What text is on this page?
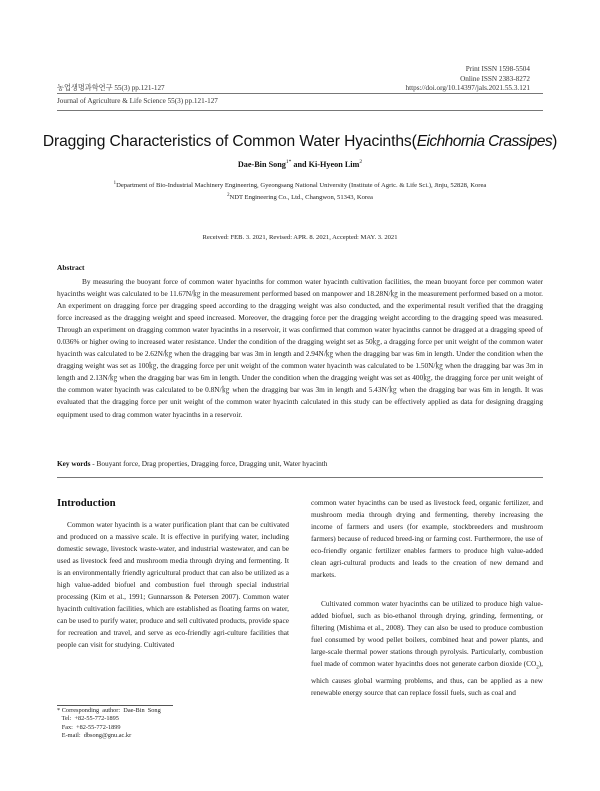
Print ISSN 1598-5504
Online ISSN 2383-8272
농업생명과학연구 55(3) pp.121-127	https://doi.org/10.14397/jals.2021.55.3.121
Journal of Agriculture & Life Science 55(3) pp.121-127
Dragging Characteristics of Common Water Hyacinths(Eichhornia Crassipes)
Dae-Bin Song$^{1*}$ and Ki-Hyeon Lim$^2$
$^1$Department of Bio-Industrial Machinery Engineering, Gyeongsang National University (Institute of Agric. & Life Sci.), Jinju, 52828, Korea
$^2$NDT Engineering Co., Ltd., Changwon, 51343, Korea
Received: FEB. 3. 2021, Revised: APR. 8. 2021, Accepted: MAY. 3. 2021
Abstract
By measuring the buoyant force of common water hyacinths for common water hyacinth cultivation facilities, the mean buoyant force per common water hyacinths weight was calculated to be 11.67N/㎏ in the measurement performed based on manpower and 18.28N/㎏ in the measurement performed based on a motor. An experiment on dragging force per dragging speed according to the dragging weight was also conducted, and the experimental result verified that the dragging force increased as the dragging weight and speed increased. Moreover, the dragging force per the dragging weight according to the dragging speed was measured. Through an experiment on dragging common water hyacinths in a reservoir, it was confirmed that common water hyacinths cannot be dragged at a dragging speed of 0.036% or higher owing to increased water resistance. Under the condition of the dragging weight set as 50㎏, a dragging force per unit weight of the common water hyacinth was calculated to be 2.62N/㎏ when the dragging bar was 3m in length and 2.94N/㎏ when the dragging bar was 6m in length. Under the condition when the dragging weight was set as 100㎏, the dragging force per unit weight of the common water hyacinth was calculated to be 1.50N/㎏ when the dragging bar was 3m in length and 2.13N/㎏ when the dragging bar was 6m in length. Under the condition when the dragging weight was set as 400㎏, the dragging force per unit weight of the common water hyacinth was calculated to be 0.8N/㎏ when the dragging bar was 3m in length and 5.43N/㎏ when the dragging bar was 6m in length. It was evaluated that the dragging force per unit weight of the common water hyacinth calculated in this study can be effectively applied as data for designing dragging equipment used to drag common water hyacinths in a reservoir.
Key words - Bouyant force, Drag properties, Dragging force, Dragging unit, Water hyacinth
Introduction
Common water hyacinth is a water purification plant that can be cultivated and produced on a massive scale. It is effective in purifying water, including domestic sewage, livestock waste-water, and industrial wastewater, and can be used as livestock feed and mushroom media through drying and fermenting. It is an environmentally friendly agricultural product that can also be utilized as a high value-added biofuel and combustion fuel through special industrial processing (Kim et al., 1991; Gunnarsson & Petersen 2007). Common water hyacinth cultivation facilities, which are established as floating farms on water, can be used to purify water, produce and sell cultivated products, provide space for recreation and travel, and serve as eco-friendly agri-culture facilities that people can visit for studying. Cultivated
common water hyacinths can be used as livestock feed, organic fertilizer, and mushroom media through drying and fermenting, thereby increasing the income of farmers and users (for example, stockbreeders and mushroom farmers) because of reduced breed-ing or farming cost. Furthermore, the use of eco-friendly organic fertilizer enables farmers to produce high value-added clean agri-cultural products and leads to the creation of new demand and markets.
Cultivated common water hyacinths can be utilized to produce high value-added biofuel, such as bio-ethanol through drying, grinding, fermenting, or filtering (Mishima et al., 2008). They can also be used to produce combustion fuel consumed by wood pellet boilers, combined heat and power plants, and large-scale thermal power stations through pyrolysis. Particularly, combustion fuel made of common water hyacinths does not generate carbon dioxide $(CO_2)$, which causes global warming problems, and thus, can be applied as a new renewable energy source that can replace fossil fuels, such as coal and
* Corresponding  author:  Dae-Bin  Song
Tel:  +82-55-772-1895
Fax:  +82-55-772-1899
E-mail:  dbsong@gnu.ac.kr
